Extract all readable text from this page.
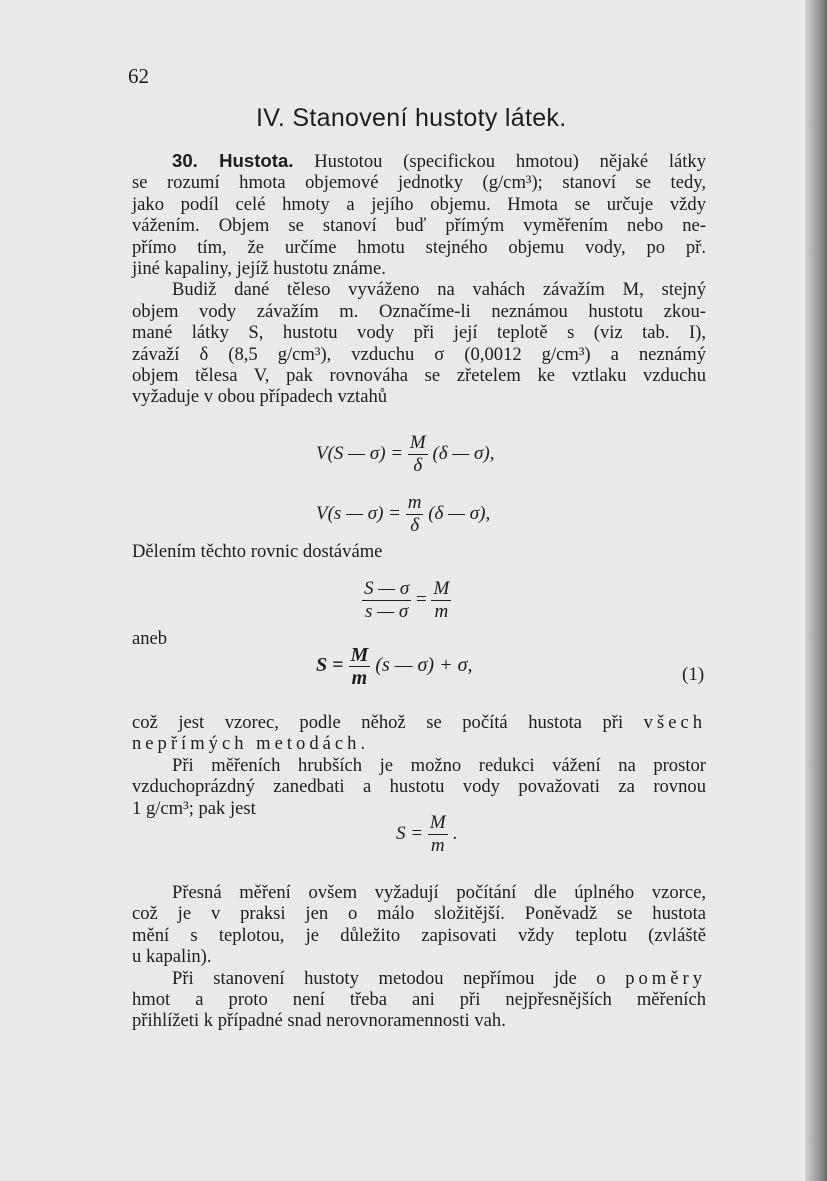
62
IV. Stanovení hustoty látek.
30. Hustota. Hustotou (specifickou hmotou) nějaké látky
se rozumí hmota objemové jednotky (g/cm³); stanoví se tedy,
jako podíl celé hmoty a jejího objemu. Hmota se určuje vždy
vážením. Objem se stanoví buď přímým vyměřením nebo ne-
přímo tím, že určíme hmotu stejného objemu vody, po př.
jiné kapaliny, jejíž hustotu známe.
Budiž dané těleso vyváženo na vahách závažím M, stejný
objem vody závažím m. Označíme-li neznámou hustotu zkou-
mané látky S, hustotu vody při její teplotě s (viz tab. I),
závaží δ (8,5 g/cm³), vzduchu σ (0,0012 g/cm³) a neznámý
objem tělesa V, pak rovnováha se zřetelem ke vztlaku vzduchu
vyžaduje v obou případech vztahů
V(S — $\sigma) = \frac{M}{\delta} (\delta$ — σ),
V(s — $\sigma) = \frac{m}{\delta} (\delta$ — σ),
Dělením těchto rovnic dostáváme
$\frac{S — \sigma}{s — \sigma} = \frac{M}{m}$
aneb
$S = \frac{M}{m} (s$ — σ) + σ,	(1)
což jest vzorec, podle něhož se počítá hustota při všech
nepřímých metodách.
Při měřeních hrubších je možno redukci vážení na prostor
vzduchoprázdný zanedbati a hustotu vody považovati za rovnou
1 g/cm³; pak jest
$S = \frac{M}{m}$ .
Přesná měření ovšem vyžadují počítání dle úplného vzorce,
což je v praksi jen o málo složitější. Poněvadž se hustota
mění s teplotou, je důležito zapisovati vždy teplotu (zvláště
u kapalin).
Při stanovení hustoty metodou nepřímou jde o poměry
hmot a proto není třeba ani při nejpřesnějších měřeních
přihlížeti k případné snad nerovnoramennosti vah.
